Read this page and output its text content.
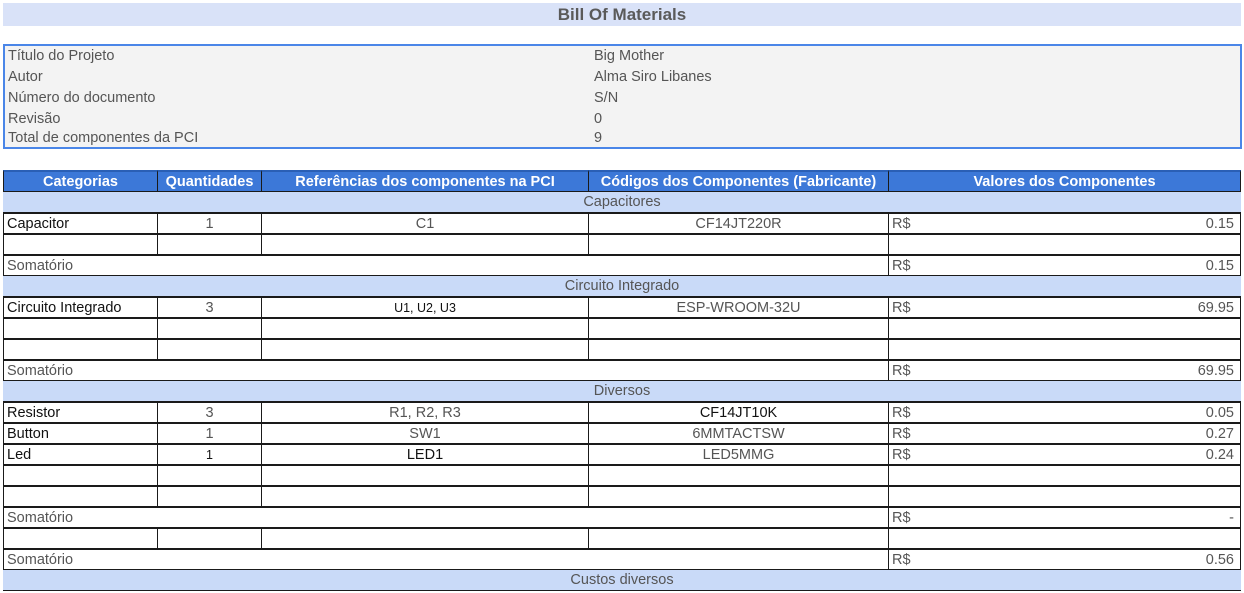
Bill Of Materials
Título do Projeto	Big Mother
Autor	Alma Siro Libanes
Número do documento	S/N
Revisão	0
Total de componentes da PCI	9
Categorias	Quantidades	Referências dos componentes na PCI	Códigos dos Componentes (Fabricante)	Valores dos Componentes
Capacitores
Capacitor	1	C1	CF14JT220R	R$	0.15
Somatório	R$	0.15
Circuito Integrado
Circuito Integrado	3	U1, U2, U3	ESP-WROOM-32U	R$	69.95
Somatório	R$	69.95
Diversos
Resistor	3	R1, R2, R3	CF14JT10K	R$	0.05
Button	1	SW1	6MMTACTSW	R$	0.27
Led	1	LED1	LED5MMG	R$	0.24
Somatório	R$	-
Somatório	R$	0.56
Custos diversos
